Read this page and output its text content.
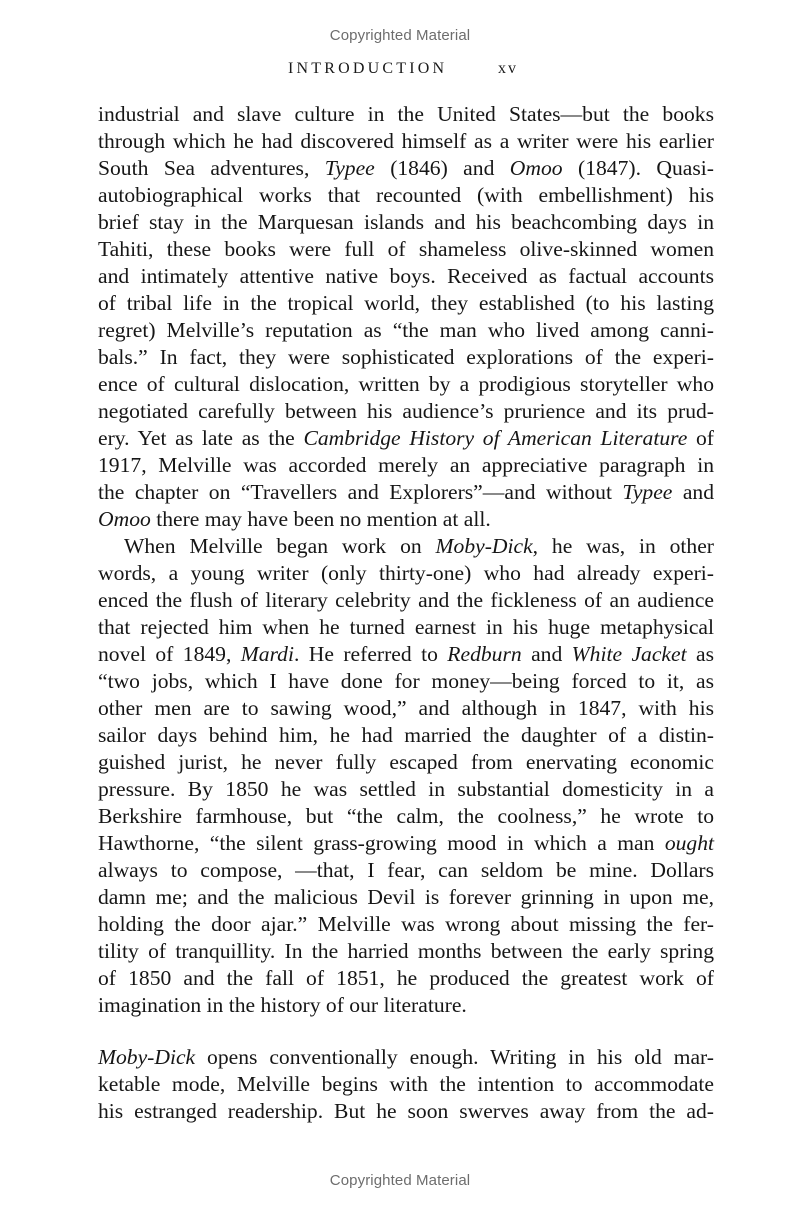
Copyrighted Material
INTRODUCTION	xv
industrial and slave culture in the United States—but the books
through which he had discovered himself as a writer were his earlier
South Sea adventures, Typee (1846) and Omoo (1847). Quasi-
autobiographical works that recounted (with embellishment) his
brief stay in the Marquesan islands and his beachcombing days in
Tahiti, these books were full of shameless olive-skinned women
and intimately attentive native boys. Received as factual accounts
of tribal life in the tropical world, they established (to his lasting
regret) Melville’s reputation as “the man who lived among canni-
bals.” In fact, they were sophisticated explorations of the experi-
ence of cultural dislocation, written by a prodigious storyteller who
negotiated carefully between his audience’s prurience and its prud-
ery. Yet as late as the Cambridge History of American Literature of
1917, Melville was accorded merely an appreciative paragraph in
the chapter on “Travellers and Explorers”—and without Typee and
Omoo there may have been no mention at all.
When Melville began work on Moby-Dick, he was, in other
words, a young writer (only thirty-one) who had already experi-
enced the flush of literary celebrity and the fickleness of an audience
that rejected him when he turned earnest in his huge metaphysical
novel of 1849, Mardi. He referred to Redburn and White Jacket as
“two jobs, which I have done for money—being forced to it, as
other men are to sawing wood,” and although in 1847, with his
sailor days behind him, he had married the daughter of a distin-
guished jurist, he never fully escaped from enervating economic
pressure. By 1850 he was settled in substantial domesticity in a
Berkshire farmhouse, but “the calm, the coolness,” he wrote to
Hawthorne, “the silent grass-growing mood in which a man ought
always to compose, —that, I fear, can seldom be mine. Dollars
damn me; and the malicious Devil is forever grinning in upon me,
holding the door ajar.” Melville was wrong about missing the fer-
tility of tranquillity. In the harried months between the early spring
of 1850 and the fall of 1851, he produced the greatest work of
imagination in the history of our literature.
Moby-Dick opens conventionally enough. Writing in his old mar-
ketable mode, Melville begins with the intention to accommodate
his estranged readership. But he soon swerves away from the ad-
Copyrighted Material
